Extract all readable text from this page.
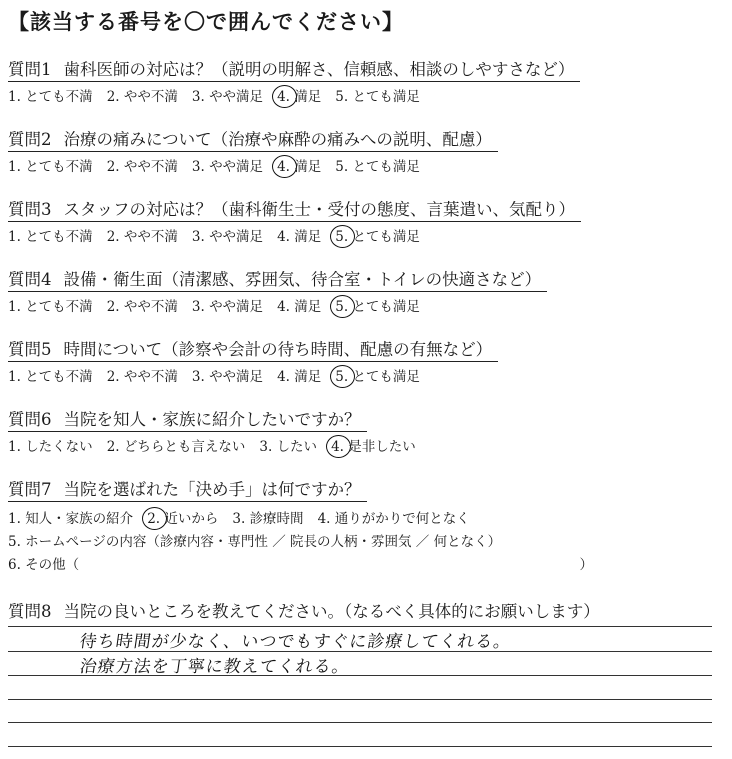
【該当する番号を〇で囲んでください】
質問1 歯科医師の対応は？（説明の明解さ、信頼感、相談のしやすさなど）
1. とても不満 2. やや不満 3. やや満足 4. 満足 5. とても満足
質問2 治療の痛みについて（治療や麻酔の痛みへの説明、配慮）
1. とても不満 2. やや不満 3. やや満足 4. 満足 5. とても満足
質問3 スタッフの対応は？（歯科衛生士・受付の態度、言葉遣い、気配り）
1. とても不満 2. やや不満 3. やや満足 4. 満足 5. とても満足
質問4 設備・衛生面（清潔感、雰囲気、待合室・トイレの快適さなど）
1. とても不満 2. やや不満 3. やや満足 4. 満足 5. とても満足
質問5 時間について（診察や会計の待ち時間、配慮の有無など）
1. とても不満 2. やや不満 3. やや満足 4. 満足 5. とても満足
質問6 当院を知人・家族に紹介したいですか？
1. したくない 2. どちらとも言えない 3. したい 4. 是非したい
質問7 当院を選ばれた「決め手」は何ですか？
1. 知人・家族の紹介 2. 近いから 3. 診療時間 4. 通りがかりで何となく
5. ホームページの内容（診療内容・専門性 ／ 院長の人柄・雰囲気 ／ 何となく）
6. その他（	）
質問8 当院の良いところを教えてください。（なるべく具体的にお願いします）
待ち時間が少なく、いつでもすぐに診療してくれる。
治療方法を丁寧に教えてくれる。
